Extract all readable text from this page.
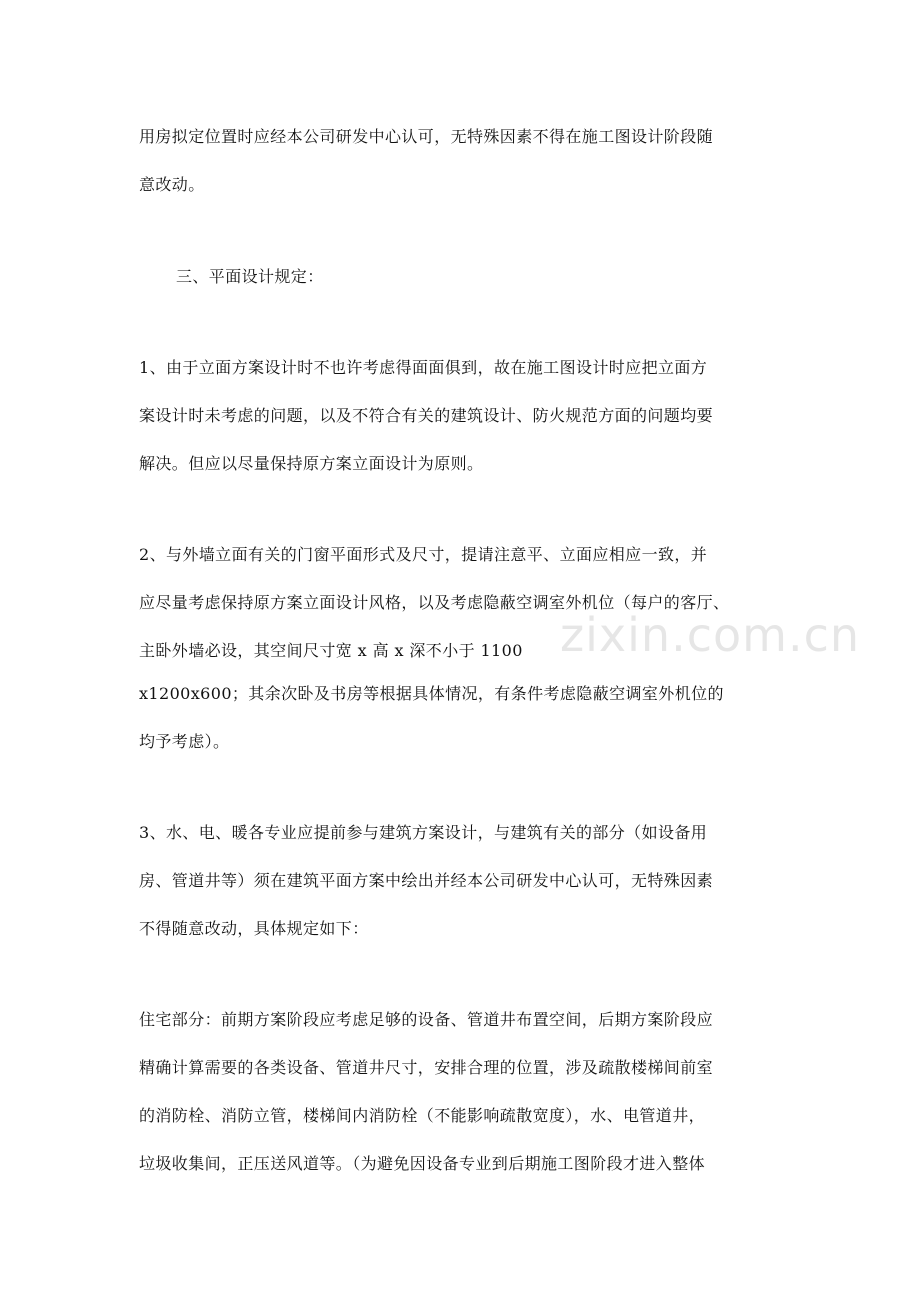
zixin.com.cn
用房拟定位置时应经本公司研发中心认可，无特殊因素不得在施工图设计阶段随
意改动。
三、平面设计规定：
1、由于立面方案设计时不也许考虑得面面俱到，故在施工图设计时应把立面方
案设计时未考虑的问题，以及不符合有关的建筑设计、防火规范方面的问题均要
解决。但应以尽量保持原方案立面设计为原则。
2、与外墙立面有关的门窗平面形式及尺寸，提请注意平、立面应相应一致，并
应尽量考虑保持原方案立面设计风格，以及考虑隐蔽空调室外机位（每户的客厅、
主卧外墙必设，其空间尺寸宽 x 高 x 深不小于 1100
x1200x600；其余次卧及书房等根据具体情况，有条件考虑隐蔽空调室外机位的
均予考虑）。
3、水、电、暖各专业应提前参与建筑方案设计，与建筑有关的部分（如设备用
房、管道井等）须在建筑平面方案中绘出并经本公司研发中心认可，无特殊因素
不得随意改动，具体规定如下：
住宅部分：前期方案阶段应考虑足够的设备、管道井布置空间，后期方案阶段应
精确计算需要的各类设备、管道井尺寸，安排合理的位置，涉及疏散楼梯间前室
的消防栓、消防立管，楼梯间内消防栓（不能影响疏散宽度），水、电管道井，
垃圾收集间，正压送风道等。（为避免因设备专业到后期施工图阶段才进入整体
